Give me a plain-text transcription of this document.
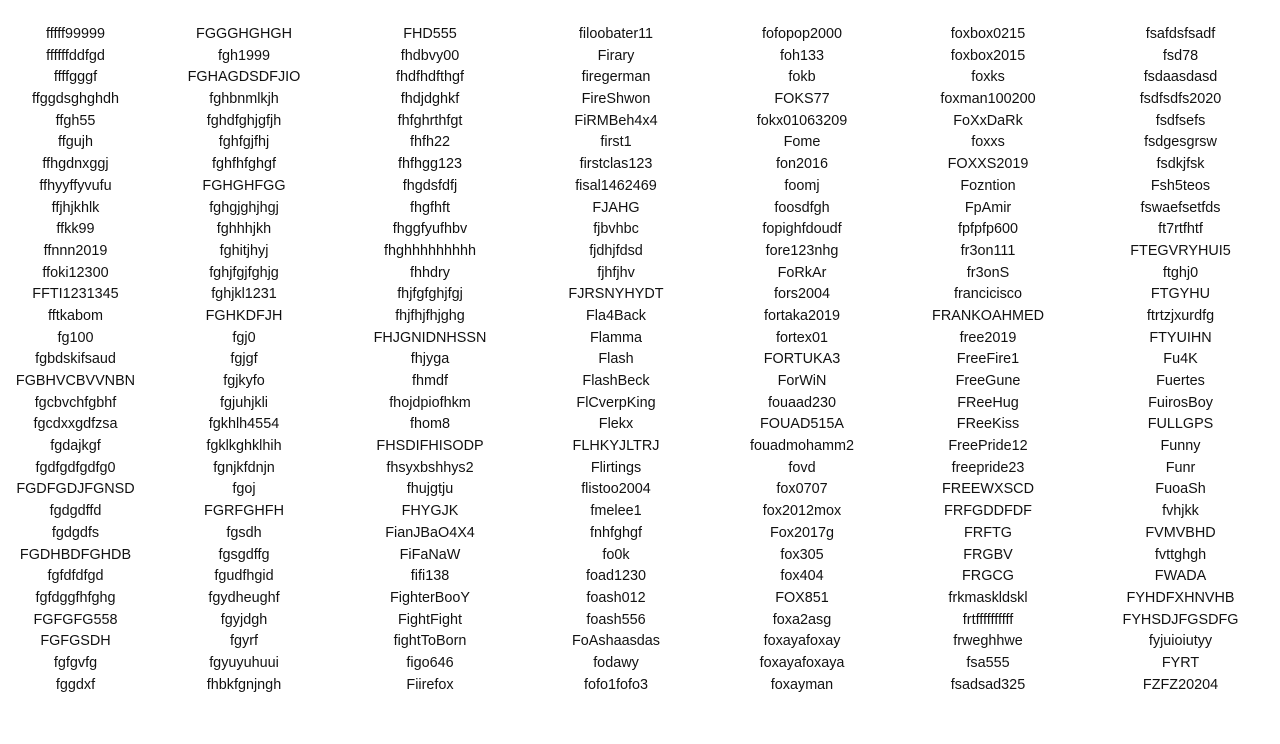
fffff99999	FGGGHGHGH	FHD555	filoobater11	fofopop2000	foxbox0215	fsafdsfsadf
ffffffddfgd	fgh1999	fhdbvy00	Firary	foh133	foxbox2015	fsd78
ffffgggf	FGHAGDSDFJIO	fhdfhdfthgf	firegerman	fokb	foxks	fsdaasdasd
ffggdsghghdh	fghbnmlkjh	fhdjdghkf	FireShwon	FOKS77	foxman100200	fsdfsdfs2020
ffgh55	fghdfghjgfjh	fhfghrthfgt	FiRMBeh4x4	fokx01063209	FoXxDaRk	fsdfsefs
ffgujh	fghfgjfhj	fhfh22	first1	Fome	foxxs	fsdgesgrsw
ffhgdnxggj	fghfhfghgf	fhfhgg123	firstclas123	fon2016	FOXXS2019	fsdkjfsk
ffhyyffyvufu	FGHGHFGG	fhgdsfdfj	fisal1462469	foomj	Fozntion	Fsh5teos
ffjhjkhlk	fghgjghjhgj	fhgfhft	FJAHG	foosdfgh	FpAmir	fswaefsetfds
ffkk99	fghhhjkh	fhggfyufhbv	fjbvhbc	fopighfdoudf	fpfpfp600	ft7rtfhtf
ffnnn2019	fghitjhyj	fhghhhhhhhhh	fjdhjfdsd	fore123nhg	fr3on111	FTEGVRYHUI5
ffoki12300	fghjfgjfghjg	fhhdry	fjhfjhv	FoRkAr	fr3onS	ftghj0
FFTI1231345	fghjkl1231	fhjfgfghjfgj	FJRSNYHYDT	fors2004	francicisco	FTGYHU
fftkabom	FGHKDFJH	fhjfhjfhjghg	Fla4Back	fortaka2019	FRANKOAHMED	ftrtzjxurdfg
fg100	fgj0	FHJGNIDNHSSN	Flamma	fortex01	free2019	FTYUIHN
fgbdskifsaud	fgjgf	fhjyga	Flash	FORTUKA3	FreeFire1	Fu4K
FGBHVCBVVNBN	fgjkyfo	fhmdf	FlashBeck	ForWiN	FreeGune	Fuertes
fgcbvchfgbhf	fgjuhjkli	fhojdpiofhkm	FlCverpKing	fouaad230	FReeHug	FuirosBoy
fgcdxxgdfzsa	fgkhlh4554	fhom8	Flekx	FOUAD515A	FReeKiss	FULLGPS
fgdajkgf	fgklkghklhih	FHSDIFHISODP	FLHKYJLTRJ	fouadmohamm2	FreePride12	Funny
fgdfgdfgdfg0	fgnjkfdnjn	fhsyxbshhys2	Flirtings	fovd	freepride23	Funr
FGDFGDJFGNSD	fgoj	fhujgtju	flistoo2004	fox0707	FREEWXSCD	FuoaSh
fgdgdffd	FGRFGHFH	FHYGJK	fmelee1	fox2012mox	FRFGDDFDF	fvhjkk
fgdgdfs	fgsdh	FianJBaO4X4	fnhfghgf	Fox2017g	FRFTG	FVMVBHD
FGDHBDFGHDB	fgsgdffg	FiFaNaW	fo0k	fox305	FRGBV	fvttghgh
fgfdfdfgd	fgudfhgid	fifi138	foad1230	fox404	FRGCG	FWADA
fgfdggfhfghg	fgydheughf	FighterBooY	foash012	FOX851	frkmaskldskl	FYHDFXHNVHB
FGFGFG558	fgyjdgh	FightFight	foash556	foxa2asg	frtffffffffff	FYHSDJFGSDFG
FGFGSDH	fgyrf	fightToBorn	FoAshaasdas	foxayafoxay	frweghhwe	fyjuioiutyy
fgfgvfg	fgyuyuhuui	figo646	fodawy	foxayafoxaya	fsa555	FYRT
fggdxf	fhbkfgnjngh	Fiirefox	fofo1fofo3	foxayman	fsadsad325	FZFZ20204
